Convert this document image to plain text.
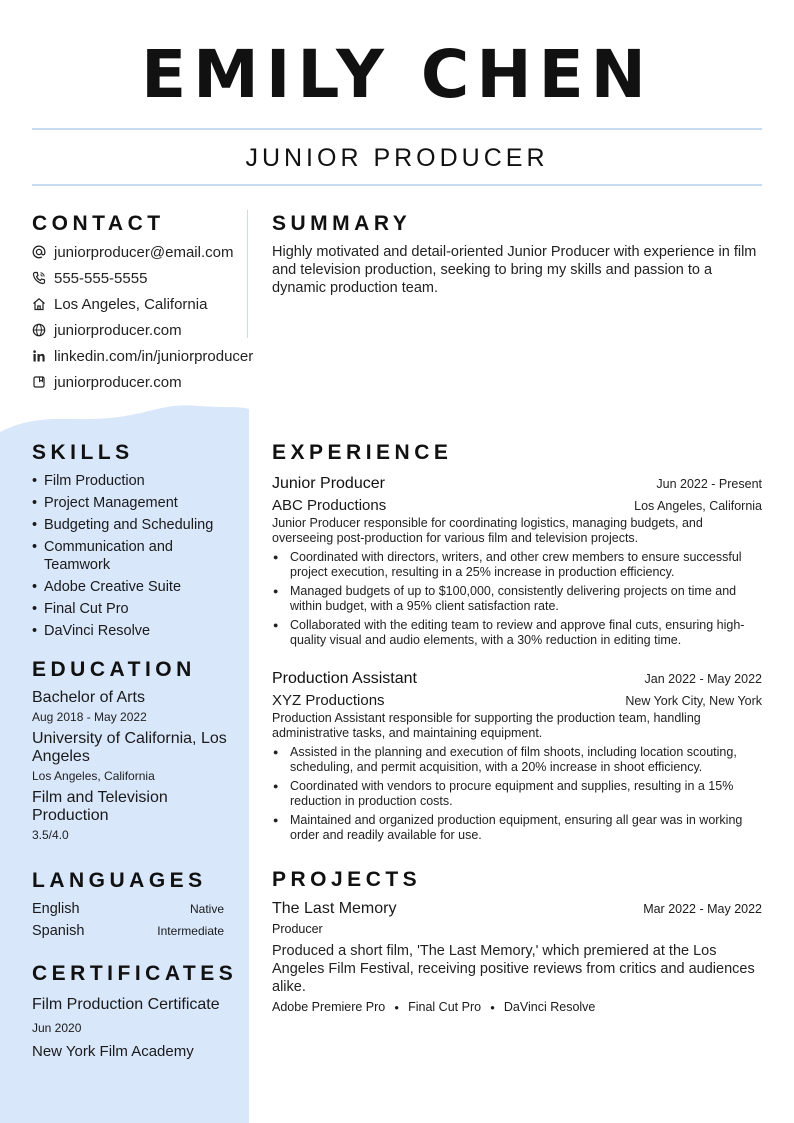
EMILY CHEN
JUNIOR PRODUCER
CONTACT
juniorproducer@email.com
555-555-5555
Los Angeles, California
juniorproducer.com
linkedin.com/in/juniorproducer
juniorproducer.com
SUMMARY
Highly motivated and detail-oriented Junior Producer with experience in film and television production, seeking to bring my skills and passion to a dynamic production team.
SKILLS
• Film Production
• Project Management
• Budgeting and Scheduling
• Communication and Teamwork
• Adobe Creative Suite
• Final Cut Pro
• DaVinci Resolve
EDUCATION
Bachelor of Arts
Aug 2018 - May 2022
University of California, Los Angeles
Los Angeles, California
Film and Television Production
3.5/4.0
LANGUAGES
English	Native
Spanish	Intermediate
CERTIFICATES
Film Production Certificate
Jun 2020
New York Film Academy
EXPERIENCE
Junior Producer	Jun 2022 - Present
ABC Productions	Los Angeles, California
Junior Producer responsible for coordinating logistics, managing budgets, and overseeing post-production for various film and television projects.
● Coordinated with directors, writers, and other crew members to ensure successful project execution, resulting in a 25% increase in production efficiency.
● Managed budgets of up to $100,000, consistently delivering projects on time and within budget, with a 95% client satisfaction rate.
● Collaborated with the editing team to review and approve final cuts, ensuring high-quality visual and audio elements, with a 30% reduction in editing time.
Production Assistant	Jan 2022 - May 2022
XYZ Productions	New York City, New York
Production Assistant responsible for supporting the production team, handling administrative tasks, and maintaining equipment.
● Assisted in the planning and execution of film shoots, including location scouting, scheduling, and permit acquisition, with a 20% increase in shoot efficiency.
● Coordinated with vendors to procure equipment and supplies, resulting in a 15% reduction in production costs.
● Maintained and organized production equipment, ensuring all gear was in working order and readily available for use.
PROJECTS
The Last Memory	Mar 2022 - May 2022
Producer
Produced a short film, 'The Last Memory,' which premiered at the Los Angeles Film Festival, receiving positive reviews from critics and audiences alike.
Adobe Premiere Pro ● Final Cut Pro ● DaVinci Resolve
